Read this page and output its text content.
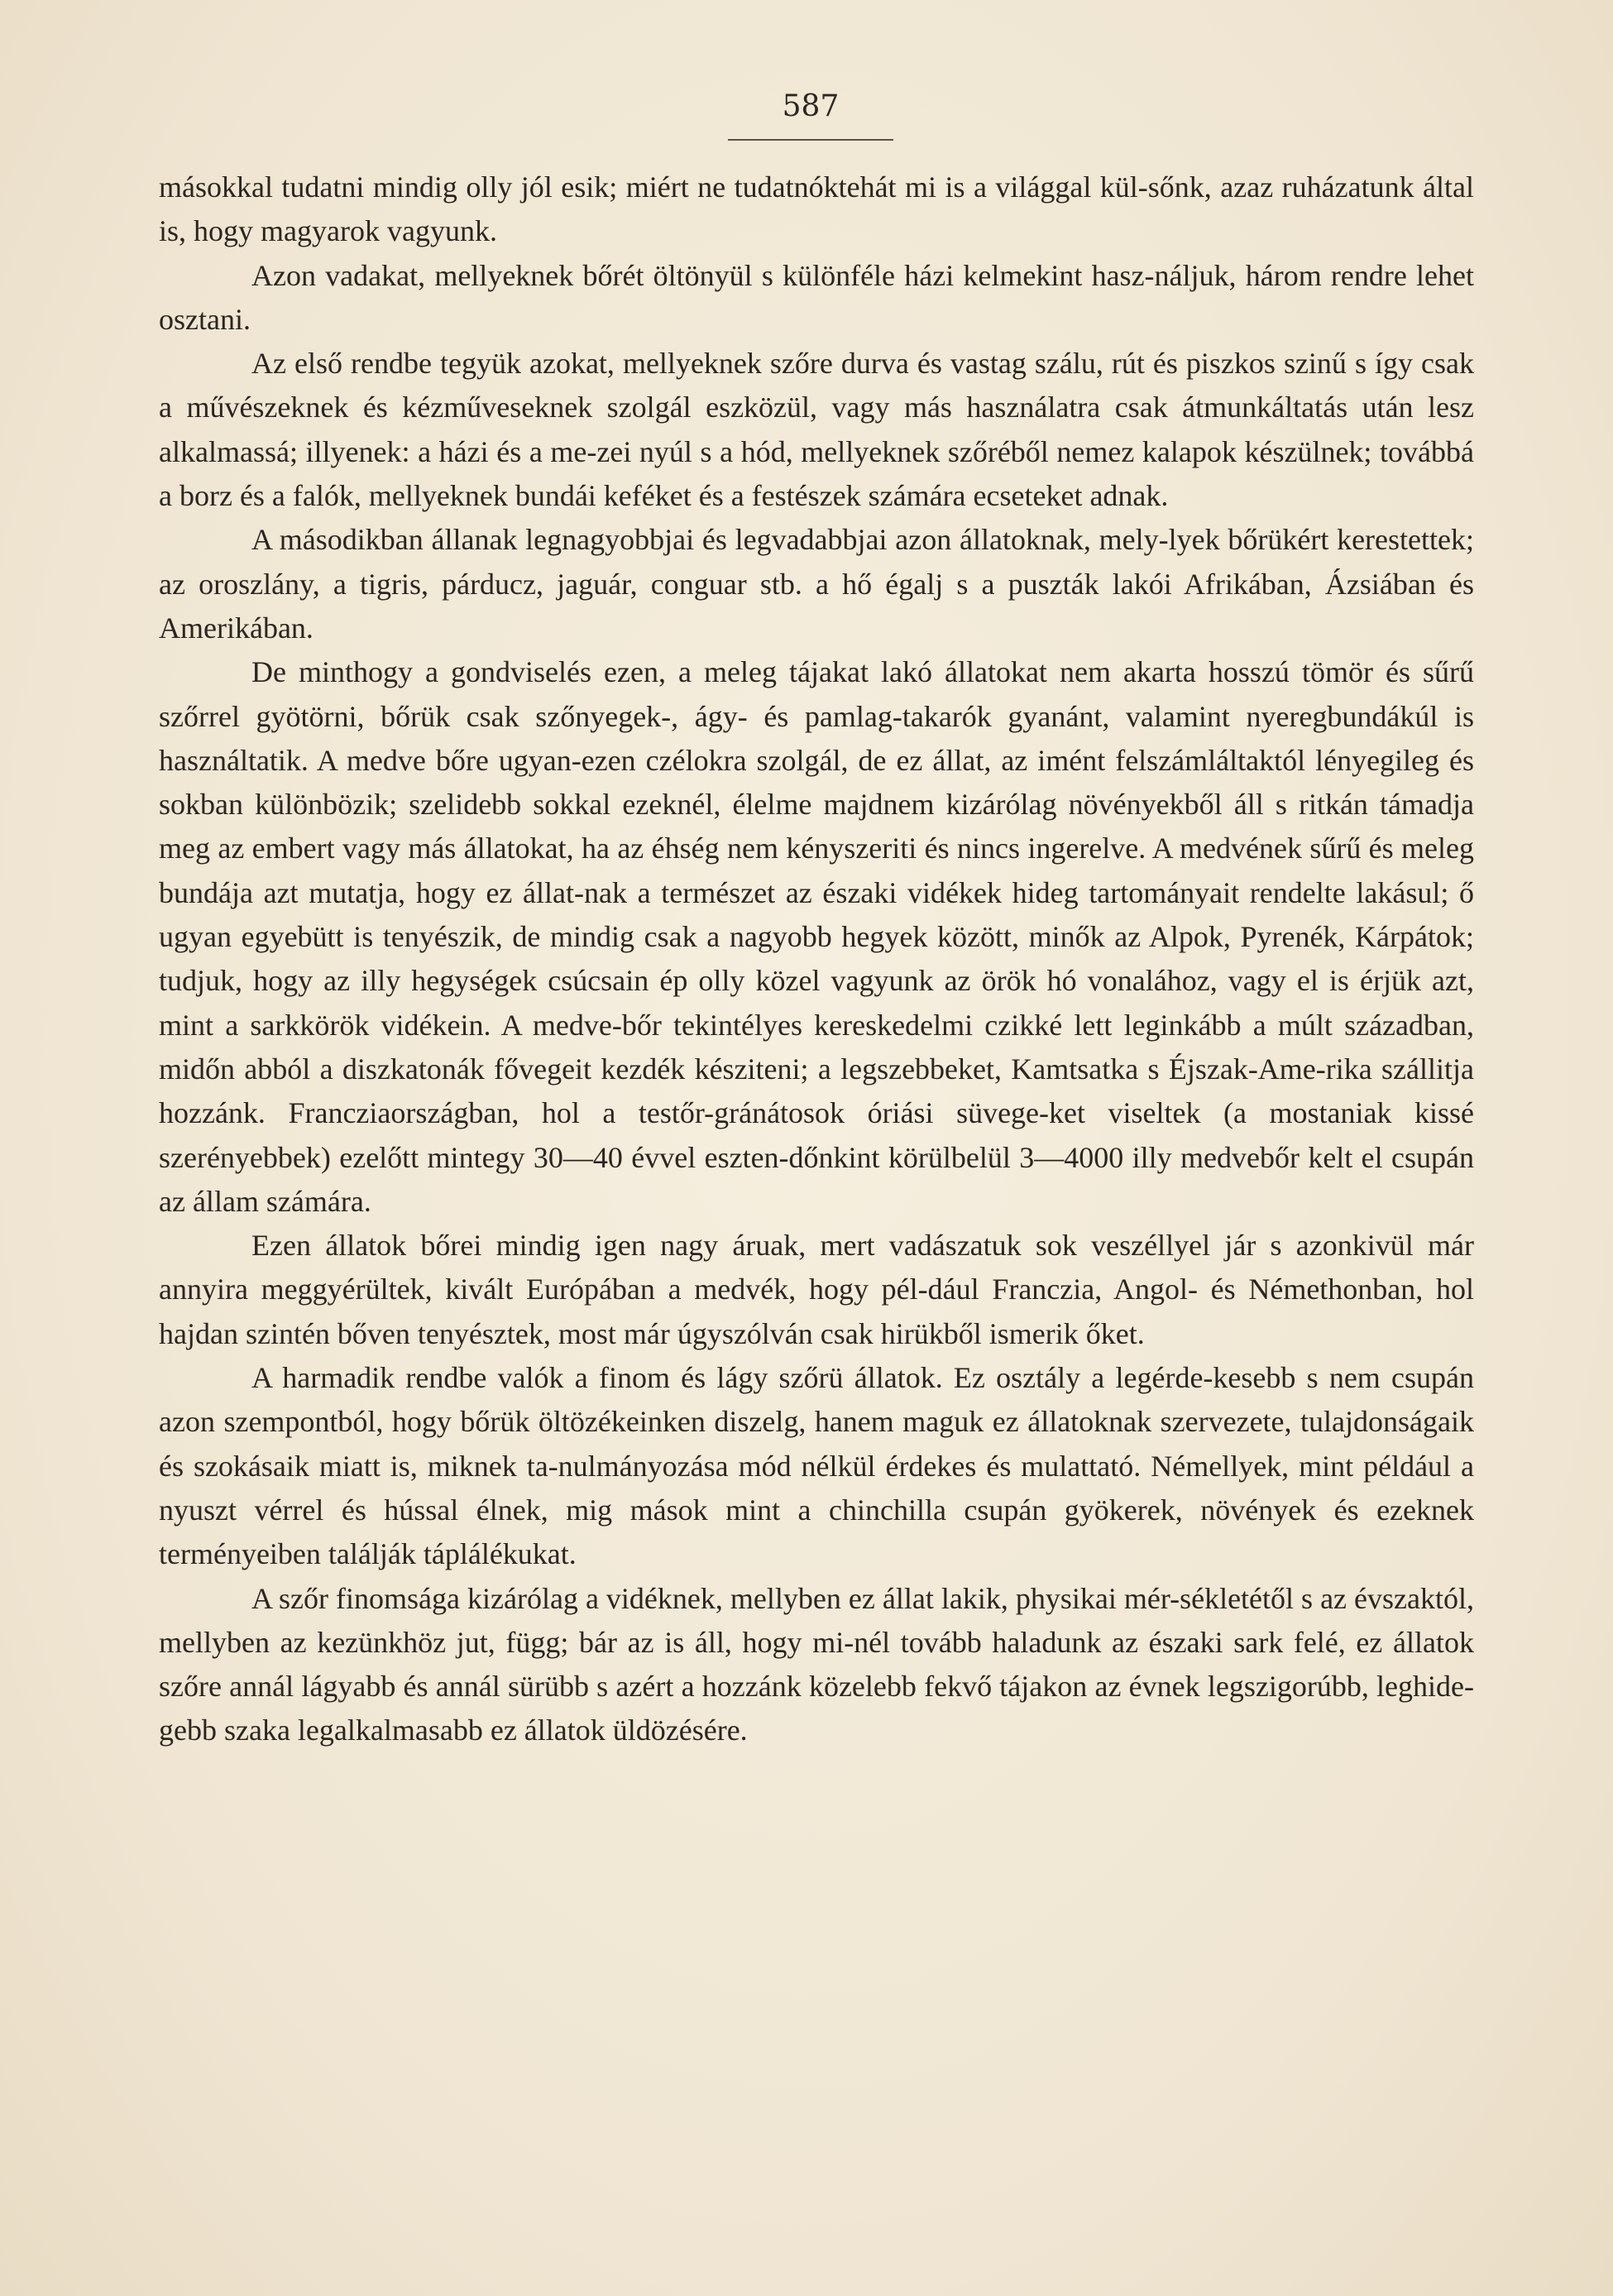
587

másokkal tudatni mindig olly jól esik; miért ne tudatnóktehát mi is a világgal kül-sőnk, azaz ruházatunk által is, hogy magyarok vagyunk.

Azon vadakat, mellyeknek bőrét öltönyül s különféle házi kelmekint hasz-náljuk, három rendre lehet osztani.

Az első rendbe tegyük azokat, mellyeknek szőre durva és vastag szálu, rút és piszkos szinű s így csak a művészeknek és kézműveseknek szolgál eszközül, vagy más használatra csak átmunkáltatás után lesz alkalmassá; illyenek: a házi és a me-zei nyúl s a hód, mellyeknek szőréből nemez kalapok készülnek; továbbá a borz és a falók, mellyeknek bundái keféket és a festészek számára ecseteket adnak.

A másodikban állanak legnagyobbjai és legvadabbjai azon állatoknak, mely-lyek bőrükért kerestettek; az oroszlány, a tigris, párducz, jaguár, conguar stb. a hő égalj s a puszták lakói Afrikában, Ázsiában és Amerikában.

De minthogy a gondviselés ezen, a meleg tájakat lakó állatokat nem akarta hosszú tömör és sűrű szőrrel gyötörni, bőrük csak szőnyegek-, ágy- és pamlag-takarók gyanánt, valamint nyeregbundákúl is használtatik. A medve bőre ugyan-ezen czélokra szolgál, de ez állat, az imént felszámláltaktól lényegileg és sokban különbözik; szelidebb sokkal ezeknél, élelme majdnem kizárólag növényekből áll s ritkán támadja meg az embert vagy más állatokat, ha az éhség nem kényszeriti és nincs ingerelve. A medvének sűrű és meleg bundája azt mutatja, hogy ez állat-nak a természet az északi vidékek hideg tartományait rendelte lakásul; ő ugyan egyebütt is tenyészik, de mindig csak a nagyobb hegyek között, minők az Alpok, Pyrenék, Kárpátok; tudjuk, hogy az illy hegységek csúcsain ép olly közel vagyunk az örök hó vonalához, vagy el is érjük azt, mint a sarkkörök vidékein. A medve-bőr tekintélyes kereskedelmi czikké lett leginkább a múlt században, midőn abból a diszkatonák fővegeit kezdék késziteni; a legszebbeket, Kamtsatka s Éjszak-Ame-rika szállitja hozzánk. Francziaországban, hol a testőr-gránátosok óriási süvege-ket viseltek (a mostaniak kissé szerényebbek) ezelőtt mintegy 30—40 évvel eszten-dőnkint körülbelül 3—4000 illy medvebőr kelt el csupán az állam számára.

Ezen állatok bőrei mindig igen nagy áruak, mert vadászatuk sok veszéllyel jár s azonkivül már annyira meggyérültek, kivált Európában a medvék, hogy pél-dául Franczia, Angol- és Némethonban, hol hajdan szintén bőven tenyésztek, most már úgyszólván csak hirükből ismerik őket.

A harmadik rendbe valók a finom és lágy szőrü állatok. Ez osztály a legérde-kesebb s nem csupán azon szempontból, hogy bőrük öltözékeinken diszelg, hanem maguk ez állatoknak szervezete, tulajdonságaik és szokásaik miatt is, miknek ta-nulmányozása mód nélkül érdekes és mulattató. Némellyek, mint például a nyuszt vérrel és hússal élnek, mig mások mint a chinchilla csupán gyökerek, növények és ezeknek terményeiben találják táplálékukat.

A szőr finomsága kizárólag a vidéknek, mellyben ez állat lakik, physikai mér-sékletétől s az évszaktól, mellyben az kezünkhöz jut, függ; bár az is áll, hogy mi-nél tovább haladunk az északi sark felé, ez állatok szőre annál lágyabb és annál sürübb s azért a hozzánk közelebb fekvő tájakon az évnek legszigorúbb, leghide-gebb szaka legalkalmasabb ez állatok üldözésére.
